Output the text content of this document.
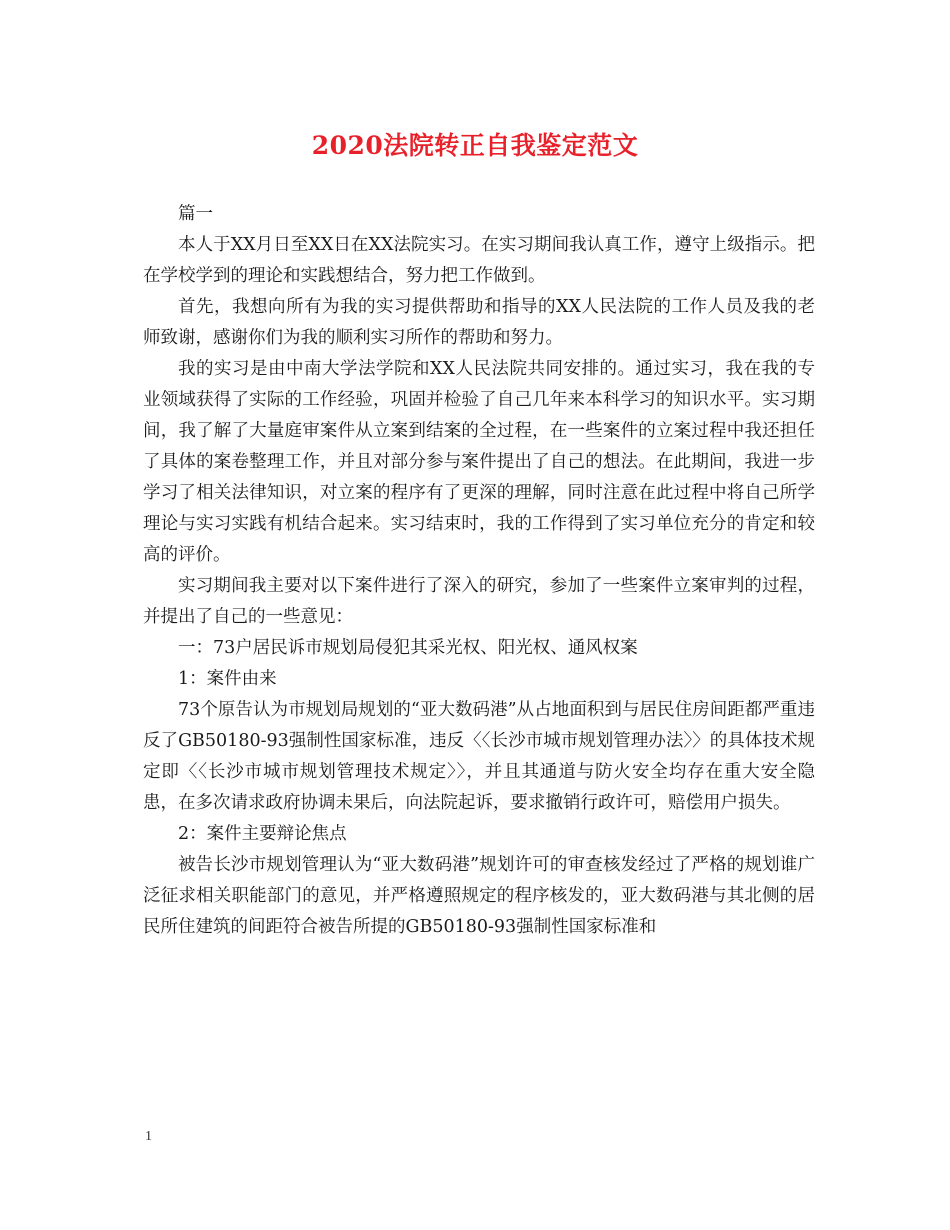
2020法院转正自我鉴定范文

篇一

本人于XX月日至XX日在XX法院实习。在实习期间我认真工作，遵守上级指示。把在学校学到的理论和实践想结合，努力把工作做到。

首先，我想向所有为我的实习提供帮助和指导的XX人民法院的工作人员及我的老师致谢，感谢你们为我的顺利实习所作的帮助和努力。

我的实习是由中南大学法学院和XX人民法院共同安排的。通过实习，我在我的专业领域获得了实际的工作经验，巩固并检验了自己几年来本科学习的知识水平。实习期间，我了解了大量庭审案件从立案到结案的全过程，在一些案件的立案过程中我还担任了具体的案卷整理工作，并且对部分参与案件提出了自己的想法。在此期间，我进一步学习了相关法律知识，对立案的程序有了更深的理解，同时注意在此过程中将自己所学理论与实习实践有机结合起来。实习结束时，我的工作得到了实习单位充分的肯定和较高的评价。

实习期间我主要对以下案件进行了深入的研究，参加了一些案件立案审判的过程，并提出了自己的一些意见：

一：73户居民诉市规划局侵犯其采光权、阳光权、通风权案

1：案件由来

73个原告认为市规划局规划的“亚大数码港”从占地面积到与居民住房间距都严重违反了GB50180-93强制性国家标准，违反〈〈长沙市城市规划管理办法〉〉的具体技术规定即〈〈长沙市城市规划管理技术规定〉〉，并且其通道与防火安全均存在重大安全隐患，在多次请求政府协调未果后，向法院起诉，要求撤销行政许可，赔偿用户损失。

2：案件主要辩论焦点

被告长沙市规划管理认为“亚大数码港”规划许可的审查核发经过了严格的规划谁广泛征求相关职能部门的意见，并严格遵照规定的程序核发的，亚大数码港与其北侧的居民所住建筑的间距符合被告所提的GB50180-93强制性国家标准和

1
